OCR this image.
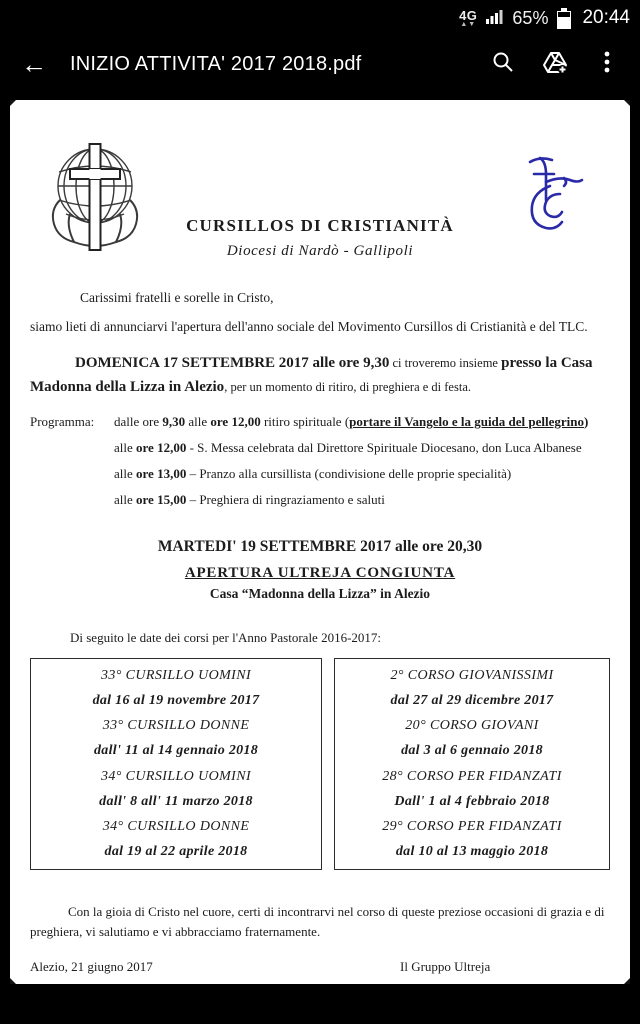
4G
▲▼ 65% 20:44
← INIZIO ATTIVITA' 2017 2018.pdf
CURSILLOS DI CRISTIANITÀ
Diocesi di Nardò - Gallipoli

Carissimi fratelli e sorelle in Cristo,

siamo lieti di annunciarvi l'apertura dell'anno sociale del Movimento Cursillos di Cristianità e del TLC.

DOMENICA 17 SETTEMBRE 2017 alle ore 9,30 ci troveremo insieme presso la Casa Madonna della Lizza in Alezio, per un momento di ritiro, di preghiera e di festa.

Programma:	dalle ore 9,30 alle ore 12,00 ritiro spirituale (portare il Vangelo e la guida del pellegrino)
alle ore 12,00 - S. Messa celebrata dal Direttore Spirituale Diocesano, don Luca Albanese
alle ore 13,00 – Pranzo alla cursillista (condivisione delle proprie specialità)
alle ore 15,00 – Preghiera di ringraziamento e saluti
MARTEDI' 19 SETTEMBRE 2017 alle ore 20,30
APERTURA ULTREJA CONGIUNTA
Casa “Madonna della Lizza” in Alezio

Di seguito le date dei corsi per l'Anno Pastorale 2016-2017:

33° CURSILLO UOMINI
dal 16 al 19 novembre 2017
33° CURSILLO DONNE
dall' 11 al 14 gennaio 2018
34° CURSILLO UOMINI
dall' 8 all' 11 marzo 2018
34° CURSILLO DONNE
dal 19 al 22 aprile 2018
2° CORSO GIOVANISSIMI
dal 27 al 29 dicembre 2017
20° CORSO GIOVANI
dal 3 al 6 gennaio 2018
28° CORSO PER FIDANZATI
Dall' 1 al 4 febbraio 2018
29° CORSO PER FIDANZATI
dal 10 al 13 maggio 2018

Con la gioia di Cristo nel cuore, certi di incontrarvi nel corso di queste preziose occasioni di grazia e di preghiera, vi salutiamo e vi abbracciamo fraternamente.

Alezio, 21 giugno 2017	Il Gruppo Ultreja
